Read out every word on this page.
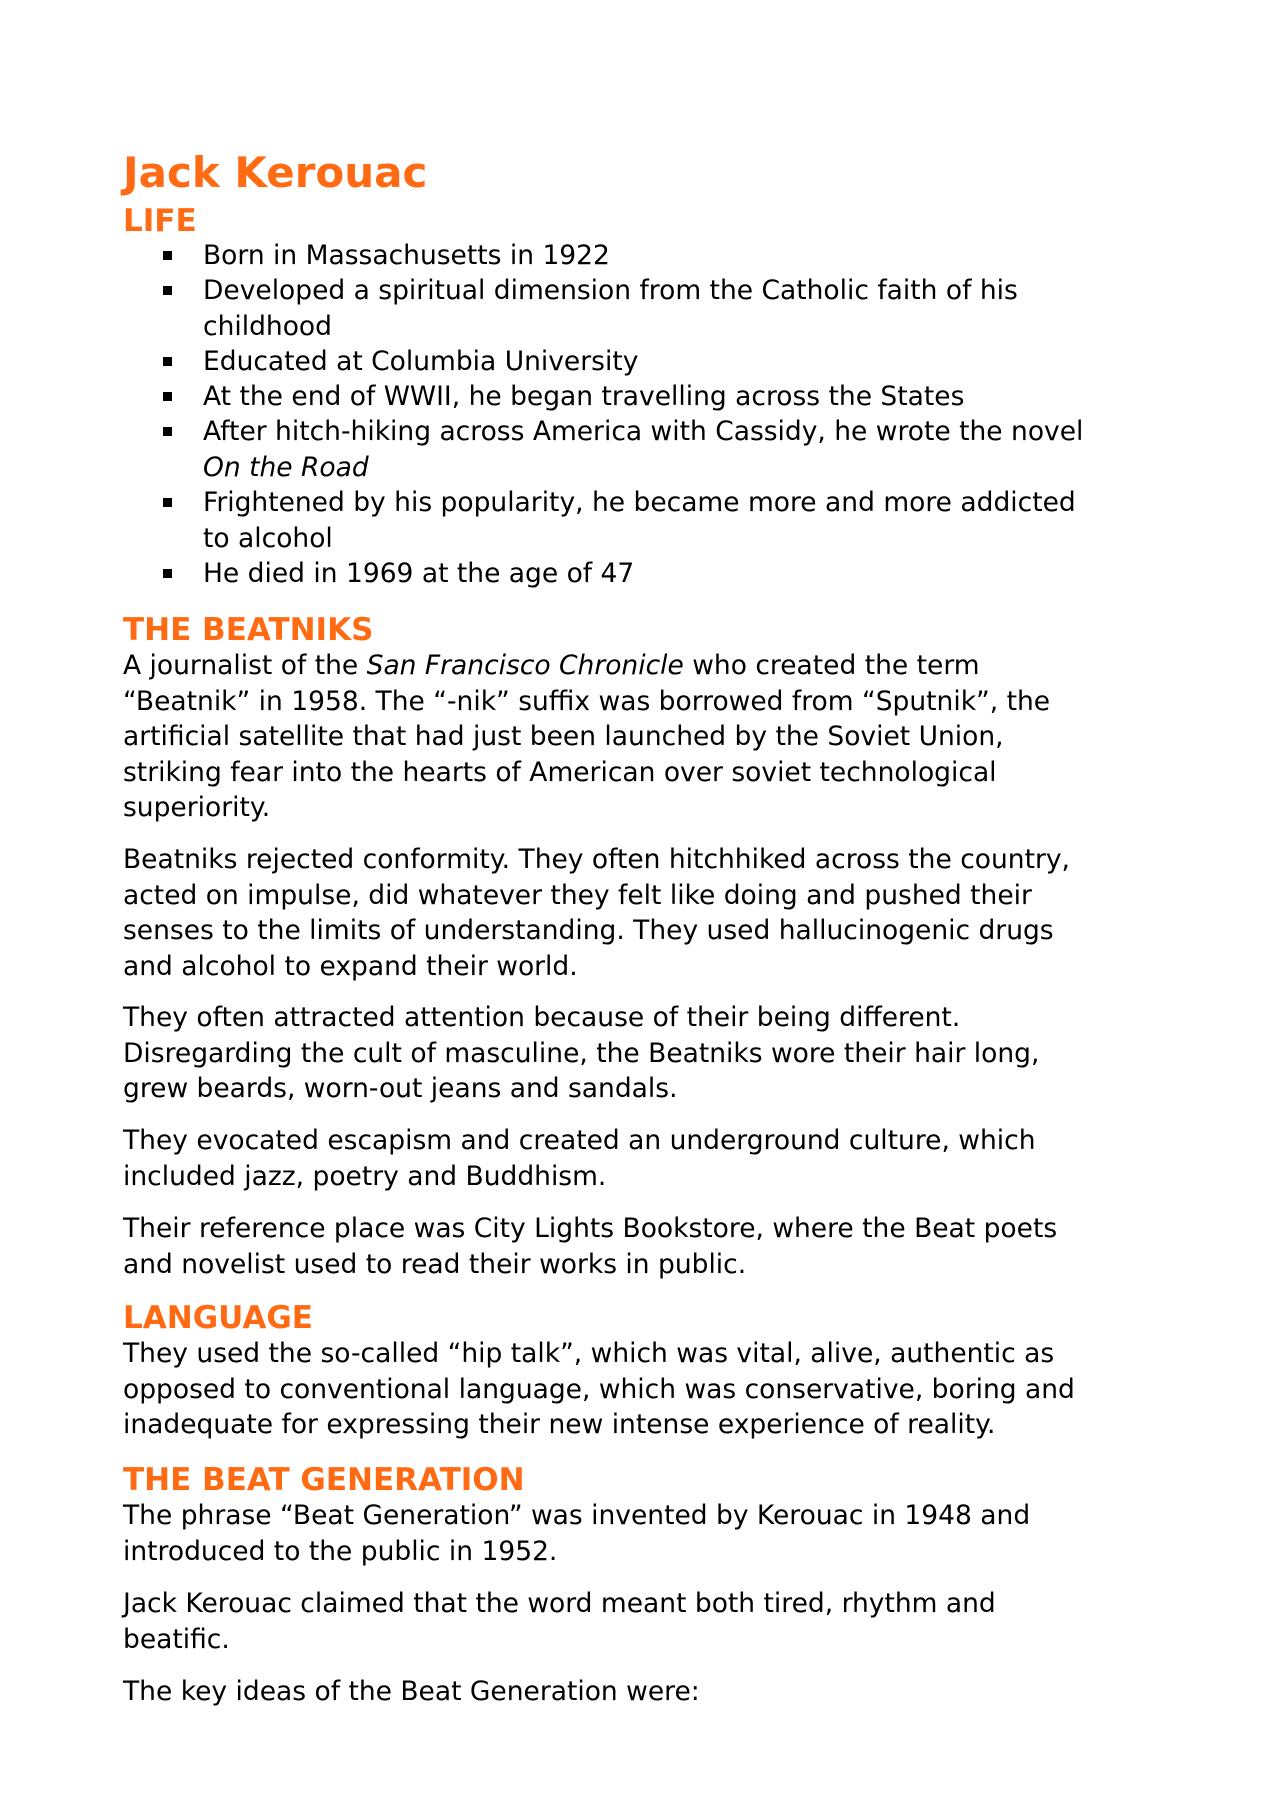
Jack Kerouac
LIFE
Born in Massachusetts in 1922
Developed a spiritual dimension from the Catholic faith of his
childhood
Educated at Columbia University
At the end of WWII, he began travelling across the States
After hitch-hiking across America with Cassidy, he wrote the novel
On the Road
Frightened by his popularity, he became more and more addicted
to alcohol
He died in 1969 at the age of 47
THE BEATNIKS

A journalist of the San Francisco Chronicle who created the term
“Beatnik” in 1958. The “-nik” suffix was borrowed from “Sputnik”, the
artificial satellite that had just been launched by the Soviet Union,
striking fear into the hearts of American over soviet technological
superiority.

Beatniks rejected conformity. They often hitchhiked across the country,
acted on impulse, did whatever they felt like doing and pushed their
senses to the limits of understanding. They used hallucinogenic drugs
and alcohol to expand their world.

They often attracted attention because of their being different.
Disregarding the cult of masculine, the Beatniks wore their hair long,
grew beards, worn-out jeans and sandals.

They evocated escapism and created an underground culture, which
included jazz, poetry and Buddhism.

Their reference place was City Lights Bookstore, where the Beat poets
and novelist used to read their works in public.

LANGUAGE

They used the so-called “hip talk”, which was vital, alive, authentic as
opposed to conventional language, which was conservative, boring and
inadequate for expressing their new intense experience of reality.

THE BEAT GENERATION

The phrase “Beat Generation” was invented by Kerouac in 1948 and
introduced to the public in 1952.

Jack Kerouac claimed that the word meant both tired, rhythm and
beatific.

The key ideas of the Beat Generation were:
